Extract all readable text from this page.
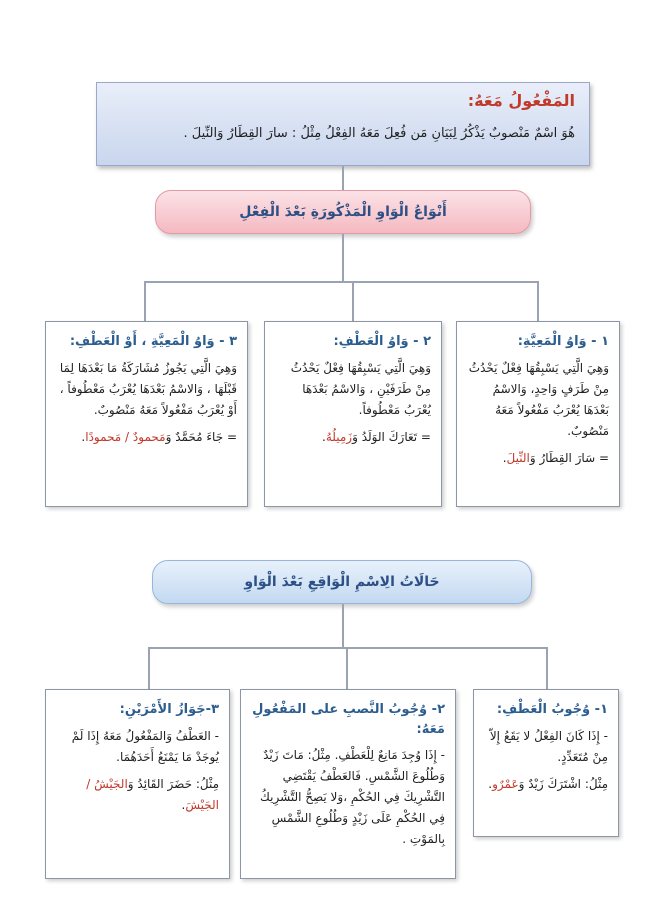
المَفْعُولُ مَعَهُ:
هُوَ اسْمٌ مَنْصوبٌ يَذْكُرُ لِبَيَانِ مَن فُعِلَ مَعَهُ الفِعْلُ مِثْلُ : سارَ القِطَارُ وَالنِّيلَ .
أَنْوَاعُ الْوَاوِ الْمَذْكُورَةِ بَعْدَ الْفِعْلِ
١ - وَاوُ الْمَعِيَّةِ:
وَهِيَ الَّتِي يَسْبِقُهَا فِعْلٌ يَحْدُثُ مِنْ طَرَفٍ وَاحِدٍ، وَالاسْمُ بَعْدَهَا يُعْرَبُ مَفْعُولاً مَعَهُ مَنْصُوبٌ.
= سَارَ القِطَارُ وَالنِّيلَ.
٢ - وَاوُ الْعَطْفِ:
وَهِيَ الَّتِي يَسْبِقُهَا فِعْلٌ يَحْدُثُ مِنْ طَرَفَيْنِ ، وَالاسْمُ بَعْدَهَا يُعْرَبُ مَعْطُوفاً.
= تَعَارَكَ الوَلَدُ وَزَمِيلُهُ.
٣ - وَاوُ الْمَعِيَّةِ ، أَوْ الْعَطْفِ:
وَهِيَ الَّتِي يَجُوزُ مُشَارَكَةُ مَا بَعْدَهَا لِمَا قَبْلَهَا ، وَالاسْمُ بَعْدَهَا يُعْرَبُ مَعْطُوفاً ، أَوْ يُعْرَبُ مَفْعُولاً مَعَهُ مَنْصُوبٌ.
= جَاءَ مُحَمَّدٌ وَمَحمودٌ / مَحمودًا.
حَالَاتُ الِاسْمِ الْوَاقِعِ بَعْدَ الْوَاوِ
١- وُجُوبُ الْعَطْفِ:
- إِذَا كَانَ الفِعْلُ لا يَقَعُ إِلاّ مِنْ مُتَعَدِّدٍ.
مِثْلُ: اشْتَرَكَ زَيْدٌ وَعَمْرٌو.
٢- وُجُوبُ النَّصبِ على المَفْعُولِ مَعَهُ:
- إِذَا وُجِدَ مَانِعٌ لِلْعَطْفِ. مِثْلُ: مَاتَ زَيْدٌ وَطُلُوعَ الشَّمْسِ. فَالعَطْفُ يَقْتَضِي التَّشْرِيكَ فِي الحُكْمِ ،وَلا يَصِحُّ التَّشْرِيكُ فِي الحُكْمِ عَلَى زَيْدٍ وَطُلُوعِ الشَّمْسِ بِالمَوْتِ .
٣-جَوَازُ الأَمْرَيْنِ:
- العَطْفُ وَالمَفْعُولُ مَعَهُ إِذَا لَمْ يُوجَدْ مَا يَمْنَعُ أَحَدَهُمَا.
مِثْلُ: حَضَرَ القَائِدُ وَالجَيْشُ / الجَيْشَ.
